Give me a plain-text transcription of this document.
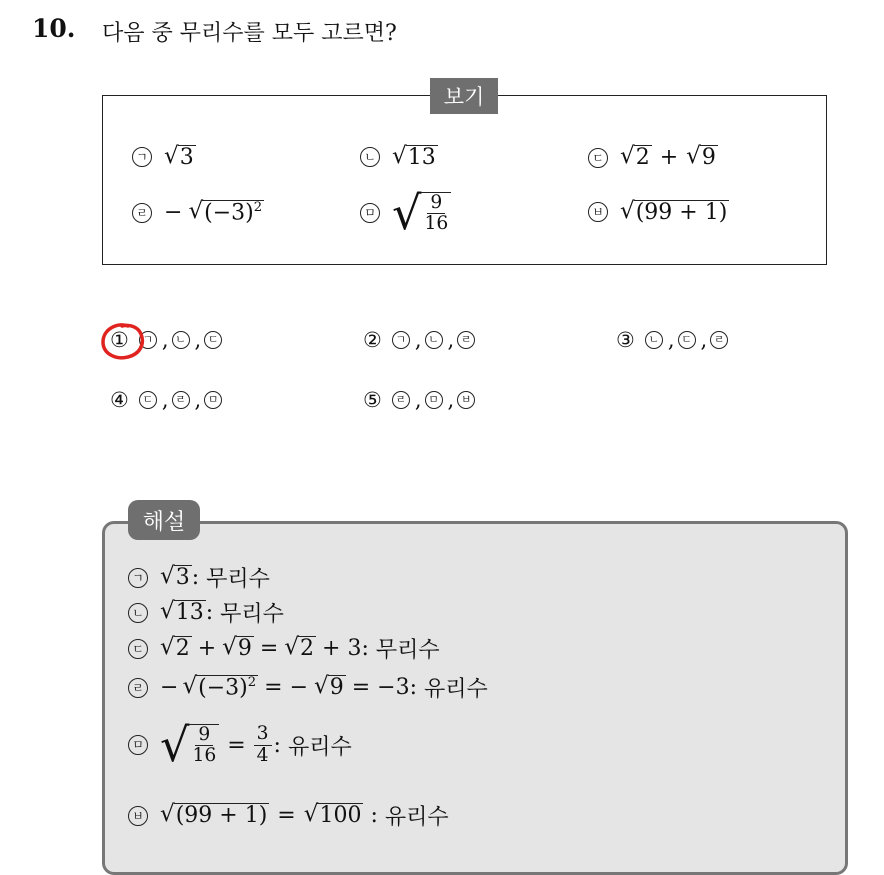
10. 다음 중 무리수를 모두 고르면?
보기
ㄱ √ 3	ㄴ √ 13	ㄷ √ 2 + √ 9
ㄹ − √ $(-3)^2$	ㅁ √ $\frac{9}{16}$	ㅂ √ (99 + 1)
①	ㄱ , ㄴ , ㄷ	②	ㄱ , ㄴ , ㄹ	③	ㄴ , ㄷ , ㄹ
④	ㄷ , ㄹ , ㅁ	⑤	ㄹ , ㅁ , ㅂ
해설
ㄱ √ 3 : 무리수
ㄴ √ 13 : 무리수
ㄷ √ 2 + √ 9 = √ 2 + 3: 무리수
ㄹ − √ $(-3)^2$ = − √ 9 = −3: 유리수
ㅁ √ $\frac{9}{16} = \frac{3}{4}$ : 유리수
ㅂ √ (99 + 1) = √ 100 : 유리수
